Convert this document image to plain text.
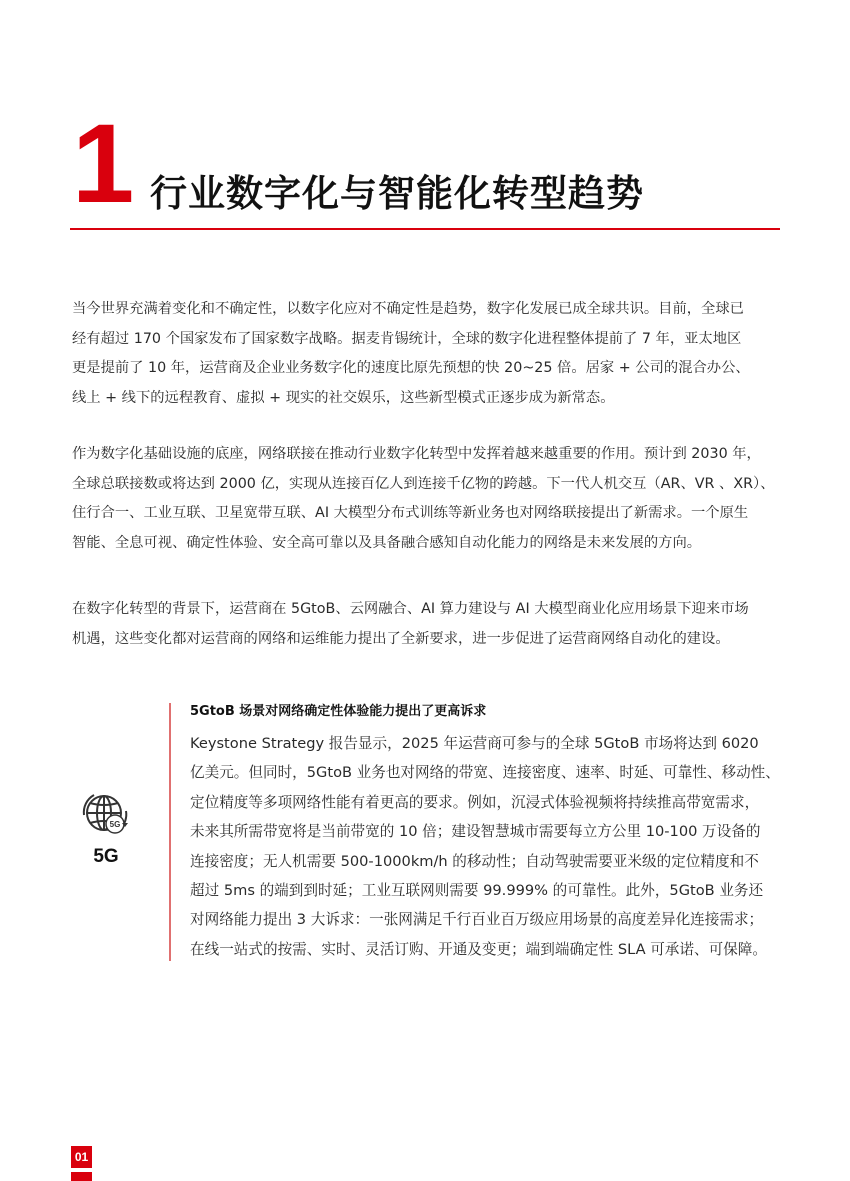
1 行业数字化与智能化转型趋势
当今世界充满着变化和不确定性，以数字化应对不确定性是趋势，数字化发展已成全球共识。目前，全球已
经有超过 170 个国家发布了国家数字战略。据麦肯锡统计，全球的数字化进程整体提前了 7 年，亚太地区
更是提前了 10 年，运营商及企业业务数字化的速度比原先预想的快 20~25 倍。居家 + 公司的混合办公、
线上 + 线下的远程教育、虚拟 + 现实的社交娱乐，这些新型模式正逐步成为新常态。
作为数字化基础设施的底座，网络联接在推动行业数字化转型中发挥着越来越重要的作用。预计到 2030 年，
全球总联接数或将达到 2000 亿，实现从连接百亿人到连接千亿物的跨越。下一代人机交互（AR、VR 、XR）、
住行合一、工业互联、卫星宽带互联、AI 大模型分布式训练等新业务也对网络联接提出了新需求。一个原生
智能、全息可视、确定性体验、安全高可靠以及具备融合感知自动化能力的网络是未来发展的方向。
在数字化转型的背景下，运营商在 5GtoB、云网融合、AI 算力建设与 AI 大模型商业化应用场景下迎来市场
机遇，这些变化都对运营商的网络和运维能力提出了全新要求，进一步促进了运营商网络自动化的建设。
5G
5G
5GtoB 场景对网络确定性体验能力提出了更高诉求
Keystone Strategy 报告显示，2025 年运营商可参与的全球 5GtoB 市场将达到 6020
亿美元。但同时，5GtoB 业务也对网络的带宽、连接密度、速率、时延、可靠性、移动性、
定位精度等多项网络性能有着更高的要求。例如，沉浸式体验视频将持续推高带宽需求，
未来其所需带宽将是当前带宽的 10 倍；建设智慧城市需要每立方公里 10-100 万设备的
连接密度；无人机需要 500-1000km/h 的移动性；自动驾驶需要亚米级的定位精度和不
超过 5ms 的端到到时延；工业互联网则需要 99.999% 的可靠性。此外，5GtoB 业务还
对网络能力提出 3 大诉求：一张网满足千行百业百万级应用场景的高度差异化连接需求；
在线一站式的按需、实时、灵活订购、开通及变更；端到端确定性 SLA 可承诺、可保障。
01
